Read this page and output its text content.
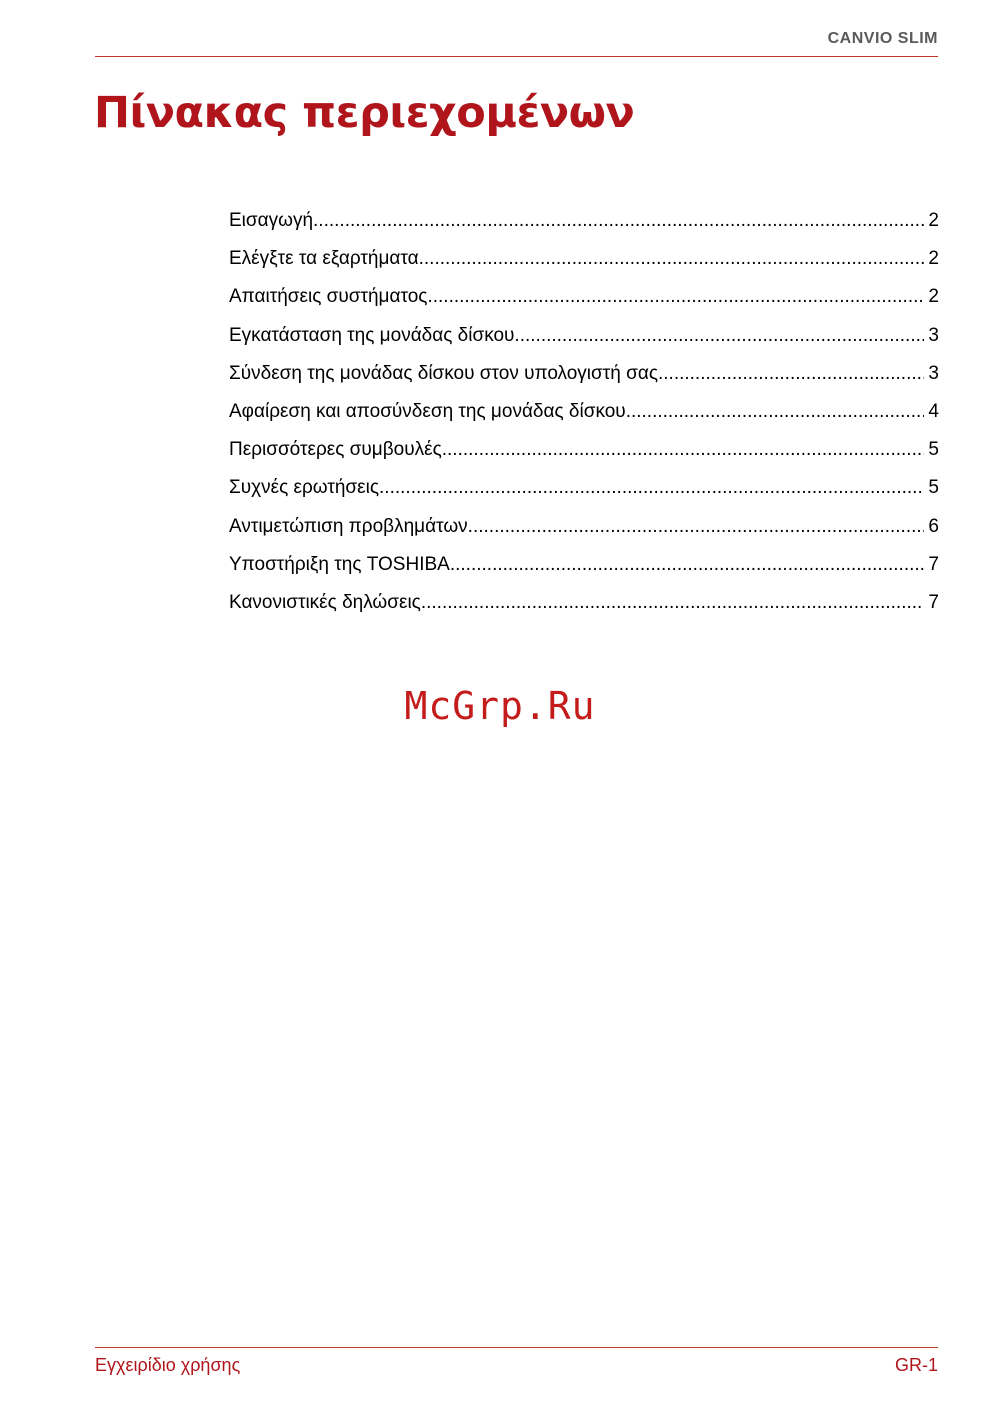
CANVIO SLIM
Πίνακας περιεχομένων
Εισαγωγή .....	2
Ελέγξτε τα εξαρτήματα .....	2
Απαιτήσεις συστήματος .....	2
Εγκατάσταση της μονάδας δίσκου .....	3
Σύνδεση της μονάδας δίσκου στον υπολογιστή σας .....	3
Αφαίρεση και αποσύνδεση της μονάδας δίσκου .....	4
Περισσότερες συμβουλές .....	5
Συχνές ερωτήσεις .....	5
Αντιμετώπιση προβλημάτων .....	6
Υποστήριξη της TOSHIBA .....	7
Κανονιστικές δηλώσεις .....	7
McGrp.Ru
Εγχειρίδιο χρήσης	GR-1
